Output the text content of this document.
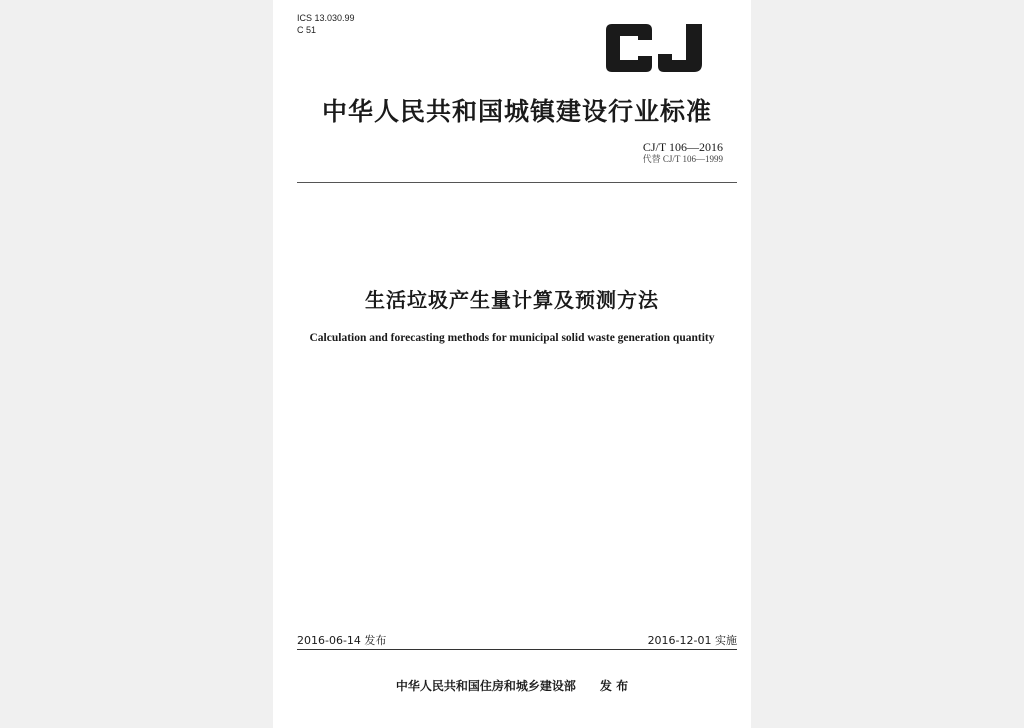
ICS 13.030.99
C 51
中华人民共和国城镇建设行业标准
CJ/T 106—2016
代替 CJ/T 106—1999
生活垃圾产生量计算及预测方法
Calculation and forecasting methods for municipal solid waste generation quantity
2016-06-14 发布	2016-12-01 实施
中华人民共和国住房和城乡建设部 发 布
